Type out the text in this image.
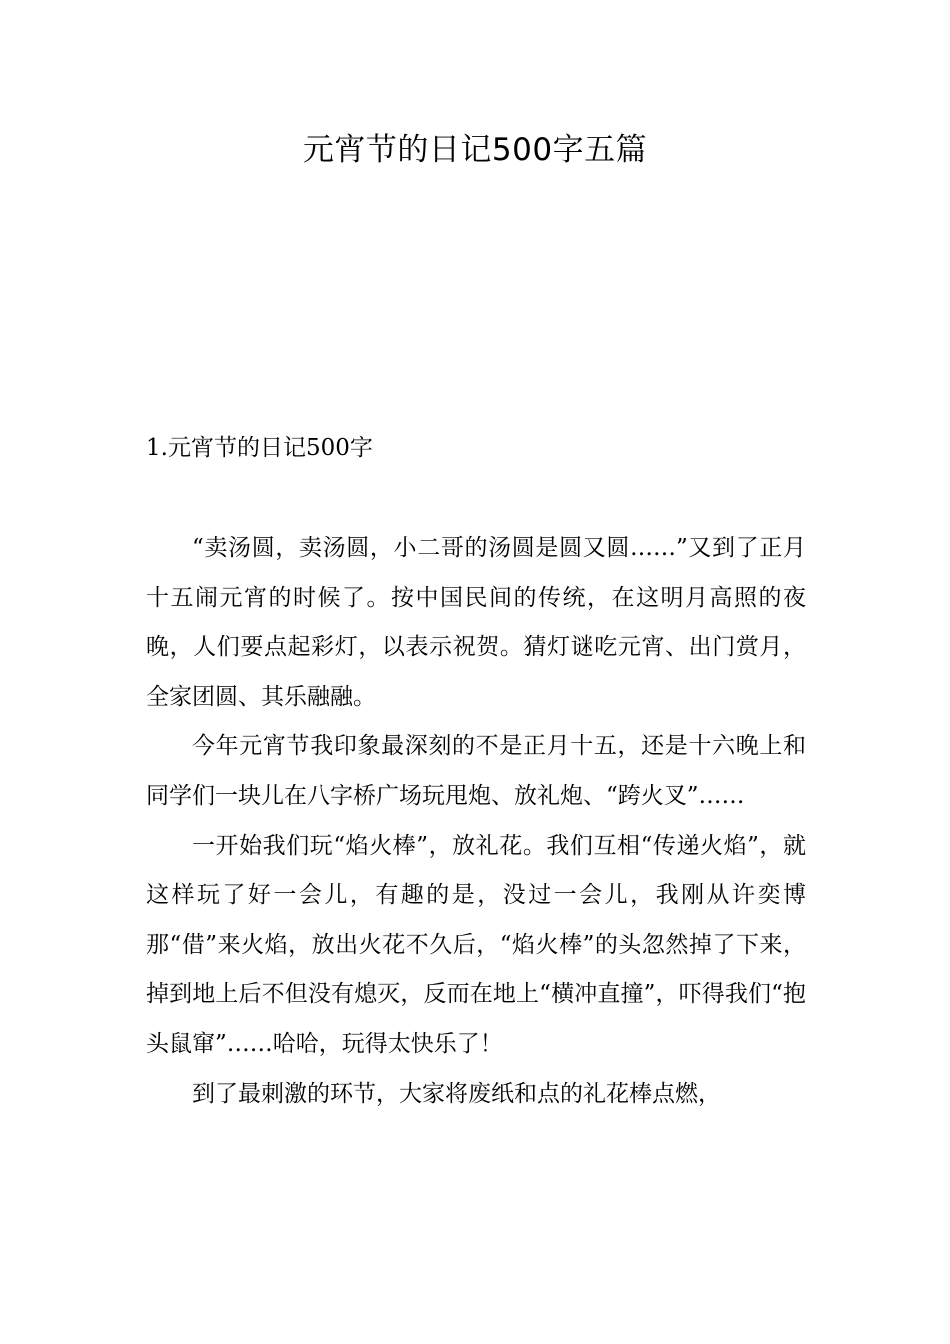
元宵节的日记500字五篇
1.元宵节的日记500字

“卖汤圆，卖汤圆，小二哥的汤圆是圆又圆……”又到了正月十五闹元宵的时候了。按中国民间的传统，在这明月高照的夜晚，人们要点起彩灯，以表示祝贺。猜灯谜吃元宵、出门赏月，全家团圆、其乐融融。

今年元宵节我印象最深刻的不是正月十五，还是十六晚上和同学们一块儿在八字桥广场玩甩炮、放礼炮、“跨火叉”……

一开始我们玩“焰火棒”，放礼花。我们互相“传递火焰”，就这样玩了好一会儿，有趣的是，没过一会儿，我刚从许奕博那“借”来火焰，放出火花不久后，“焰火棒”的头忽然掉了下来，掉到地上后不但没有熄灭，反而在地上“横冲直撞”，吓得我们“抱头鼠窜”……哈哈，玩得太快乐了！

到了最刺激的环节，大家将废纸和点的礼花棒点燃，
